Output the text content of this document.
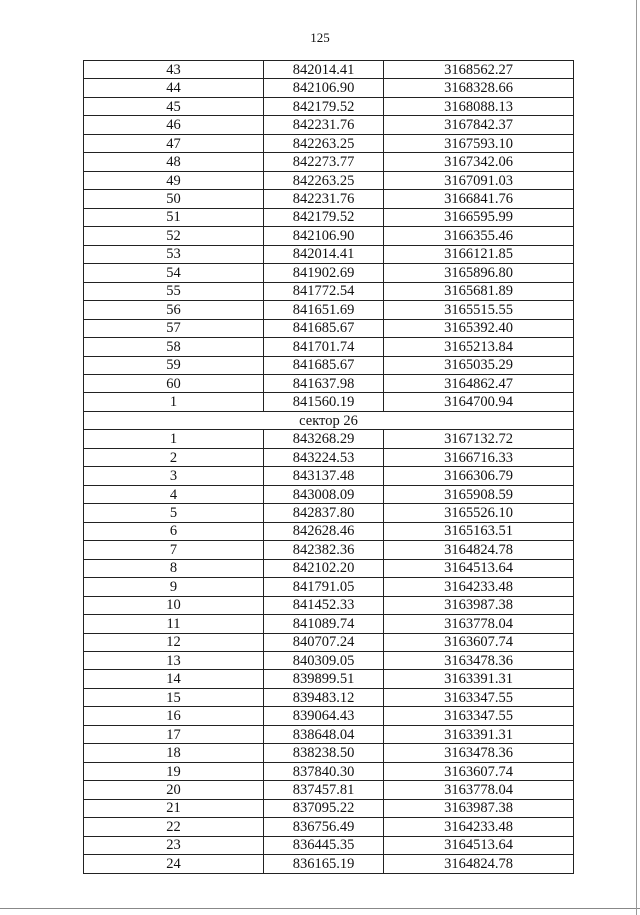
125
43	842014.41	3168562.27
44	842106.90	3168328.66
45	842179.52	3168088.13
46	842231.76	3167842.37
47	842263.25	3167593.10
48	842273.77	3167342.06
49	842263.25	3167091.03
50	842231.76	3166841.76
51	842179.52	3166595.99
52	842106.90	3166355.46
53	842014.41	3166121.85
54	841902.69	3165896.80
55	841772.54	3165681.89
56	841651.69	3165515.55
57	841685.67	3165392.40
58	841701.74	3165213.84
59	841685.67	3165035.29
60	841637.98	3164862.47
1	841560.19	3164700.94
сектор 26		
1	843268.29	3167132.72
2	843224.53	3166716.33
3	843137.48	3166306.79
4	843008.09	3165908.59
5	842837.80	3165526.10
6	842628.46	3165163.51
7	842382.36	3164824.78
8	842102.20	3164513.64
9	841791.05	3164233.48
10	841452.33	3163987.38
11	841089.74	3163778.04
12	840707.24	3163607.74
13	840309.05	3163478.36
14	839899.51	3163391.31
15	839483.12	3163347.55
16	839064.43	3163347.55
17	838648.04	3163391.31
18	838238.50	3163478.36
19	837840.30	3163607.74
20	837457.81	3163778.04
21	837095.22	3163987.38
22	836756.49	3164233.48
23	836445.35	3164513.64
24	836165.19	3164824.78
